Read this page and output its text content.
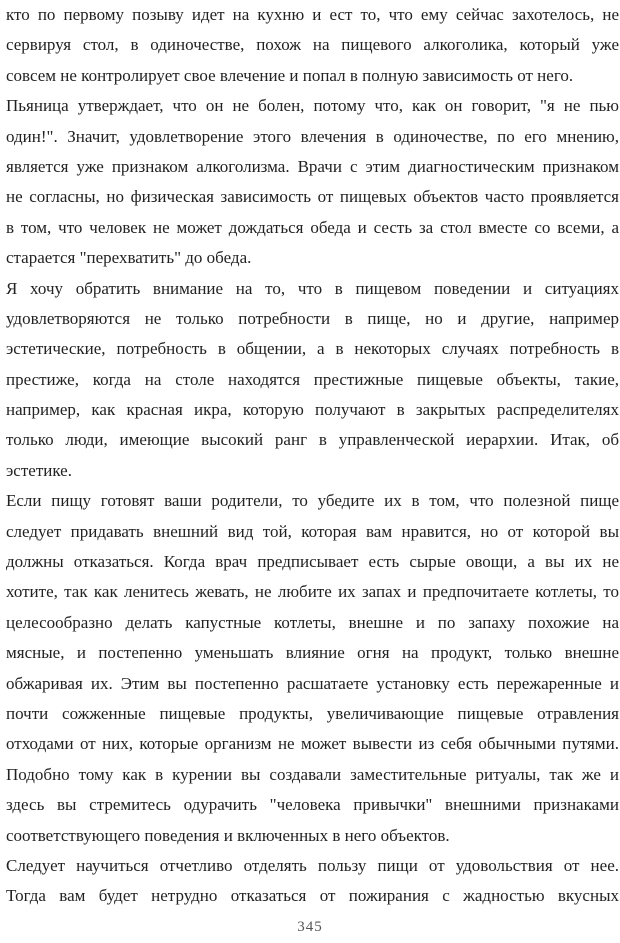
кто по первому позыву идет на кухню и ест то, что ему сейчас захотелось, не
сервируя стол, в одиночестве, похож на пищевого алкоголика, который уже
совсем не контролирует свое влечение и попал в полную зависимость от него.
Пьяница утверждает, что он не болен, потому что, как он говорит, "я не пью
один!". Значит, удовлетворение этого влечения в одиночестве, по его мнению,
является уже признаком алкоголизма. Врачи с этим диагностическим признаком
не согласны, но физическая зависимость от пищевых объектов часто проявляется
в том, что человек не может дождаться обеда и сесть за стол вместе со всеми, а
старается "перехватить" до обеда.
Я хочу обратить внимание на то, что в пищевом поведении и ситуациях
удовлетворяются не только потребности в пище, но и другие, например
эстетические, потребность в общении, а в некоторых случаях потребность в
престиже, когда на столе находятся престижные пищевые объекты, такие,
например, как красная икра, которую получают в закрытых распределителях
только люди, имеющие высокий ранг в управленческой иерархии. Итак, об
эстетике.
Если пищу готовят ваши родители, то убедите их в том, что полезной пище
следует придавать внешний вид той, которая вам нравится, но от которой вы
должны отказаться. Когда врач предписывает есть сырые овощи, а вы их не
хотите, так как ленитесь жевать, не любите их запах и предпочитаете котлеты, то
целесообразно делать капустные котлеты, внешне и по запаху похожие на
мясные, и постепенно уменьшать влияние огня на продукт, только внешне
обжаривая их. Этим вы постепенно расшатаете установку есть пережаренные и
почти сожженные пищевые продукты, увеличивающие пищевые отравления
отходами от них, которые организм не может вывести из себя обычными путями.
Подобно тому как в курении вы создавали заместительные ритуалы, так же и
здесь вы стремитесь одурачить "человека привычки" внешними признаками
соответствующего поведения и включенных в него объектов.
Следует научиться отчетливо отделять пользу пищи от удовольствия от нее.
Тогда вам будет нетрудно отказаться от пожирания с жадностью вкусных
345
